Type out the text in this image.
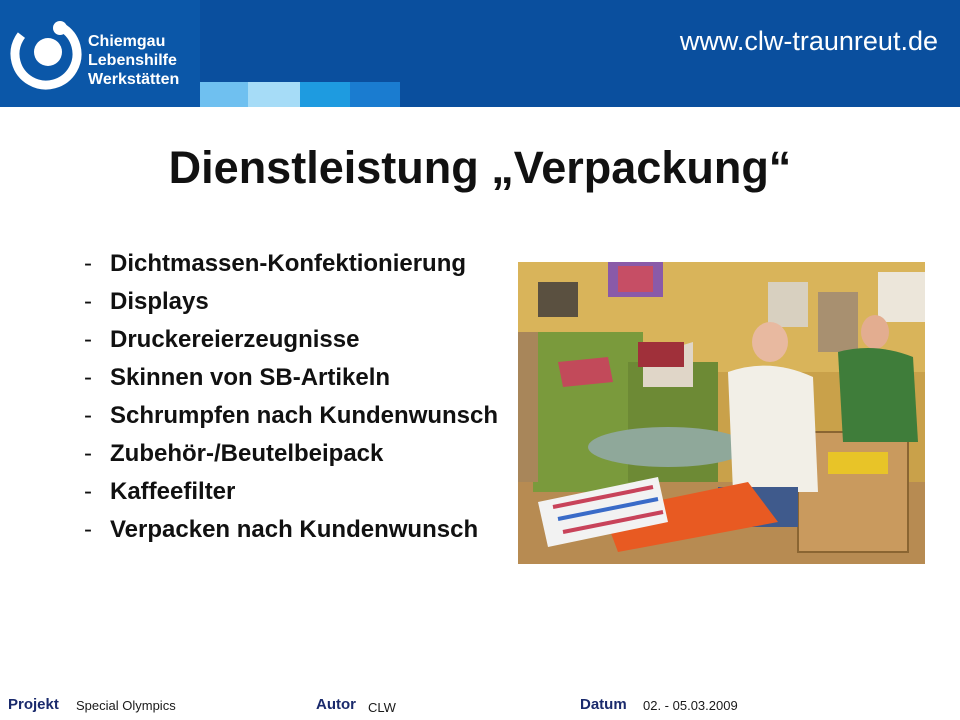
Chiemgau
Lebenshilfe
Werkstätten
www.clw-traunreut.de
Dienstleistung „Verpackung“
- Dichtmassen-Konfektionierung
- Displays
- Druckereierzeugnisse
- Skinnen von SB-Artikeln
- Schrumpfen nach Kundenwunsch
- Zubehör-/Beutelbeipack
- Kaffeefilter
- Verpacken nach Kundenwunsch
Projekt Special Olympics	Autor CLW	Datum 02. - 05.03.2009
